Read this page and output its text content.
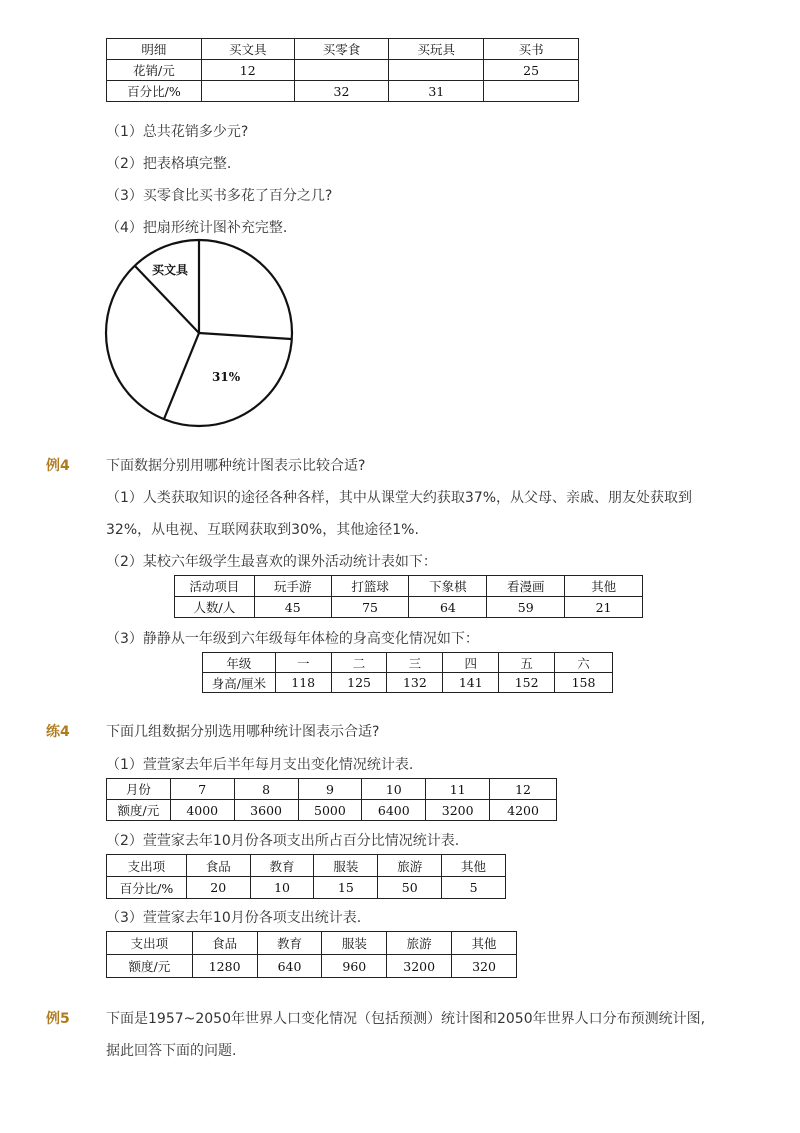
明细	买文具	买零食	买玩具	买书
花销/元	12			25
百分比/%		32	31	
（1）总共花销多少元?
（2）把表格填完整.
（3）买零食比买书多花了百分之几?
（4）把扇形统计图补充完整.
买文具
31%
例4	下面数据分别用哪种统计图表示比较合适?
（1）人类获取知识的途径各种各样，其中从课堂大约获取37%，从父母、亲戚、朋友处获取到
32%，从电视、互联网获取到30%，其他途径1%.
（2）某校六年级学生最喜欢的课外活动统计表如下：
活动项目	玩手游	打篮球	下象棋	看漫画	其他
人数/人	45	75	64	59	21
（3）静静从一年级到六年级每年体检的身高变化情况如下：
年级	一	二	三	四	五	六
身高/厘米	118	125	132	141	152	158
练4	下面几组数据分别选用哪种统计图表示合适?
（1）萱萱家去年后半年每月支出变化情况统计表.
月份	7	8	9	10	11	12
额度/元	4000	3600	5000	6400	3200	4200
（2）萱萱家去年10月份各项支出所占百分比情况统计表.
支出项	食品	教育	服装	旅游	其他
百分比/%	20	10	15	50	5
（3）萱萱家去年10月份各项支出统计表.
支出项	食品	教育	服装	旅游	其他
额度/元	1280	640	960	3200	320
例5	下面是1957~2050年世界人口变化情况（包括预测）统计图和2050年世界人口分布预测统计图,
据此回答下面的问题.
